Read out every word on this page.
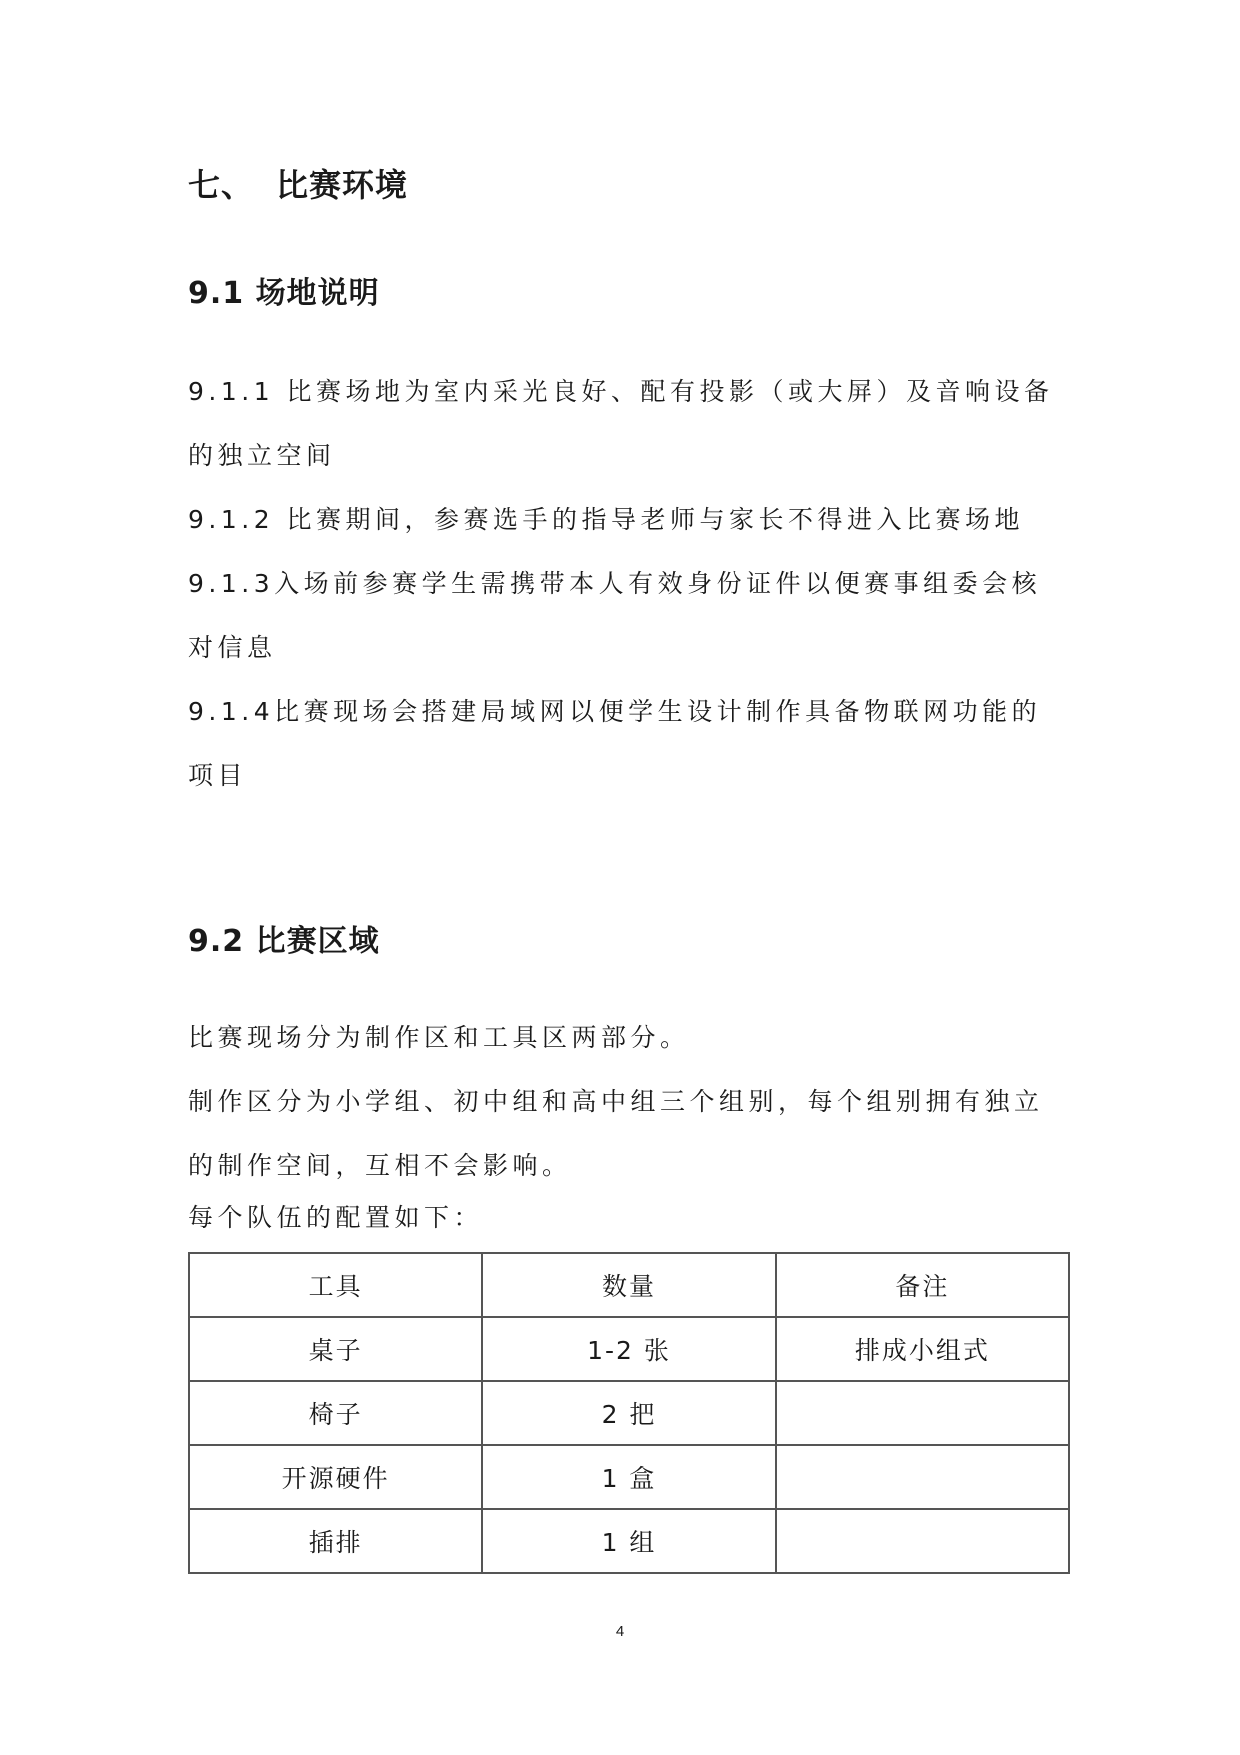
七、 比赛环境
9.1 场地说明

9.1.1 比赛场地为室内采光良好、配有投影（或大屏）及音响设备的独立空间

9.1.2 比赛期间，参赛选手的指导老师与家长不得进入比赛场地

9.1.3入场前参赛学生需携带本人有效身份证件以便赛事组委会核对信息

9.1.4比赛现场会搭建局域网以便学生设计制作具备物联网功能的项目

9.2 比赛区域

比赛现场分为制作区和工具区两部分。

制作区分为小学组、初中组和高中组三个组别，每个组别拥有独立的制作空间，互相不会影响。

每个队伍的配置如下：

工具	数量	备注
桌子	1-2 张	排成小组式
椅子	2 把	
开源硬件	1 盒	
插排	1 组	

4
